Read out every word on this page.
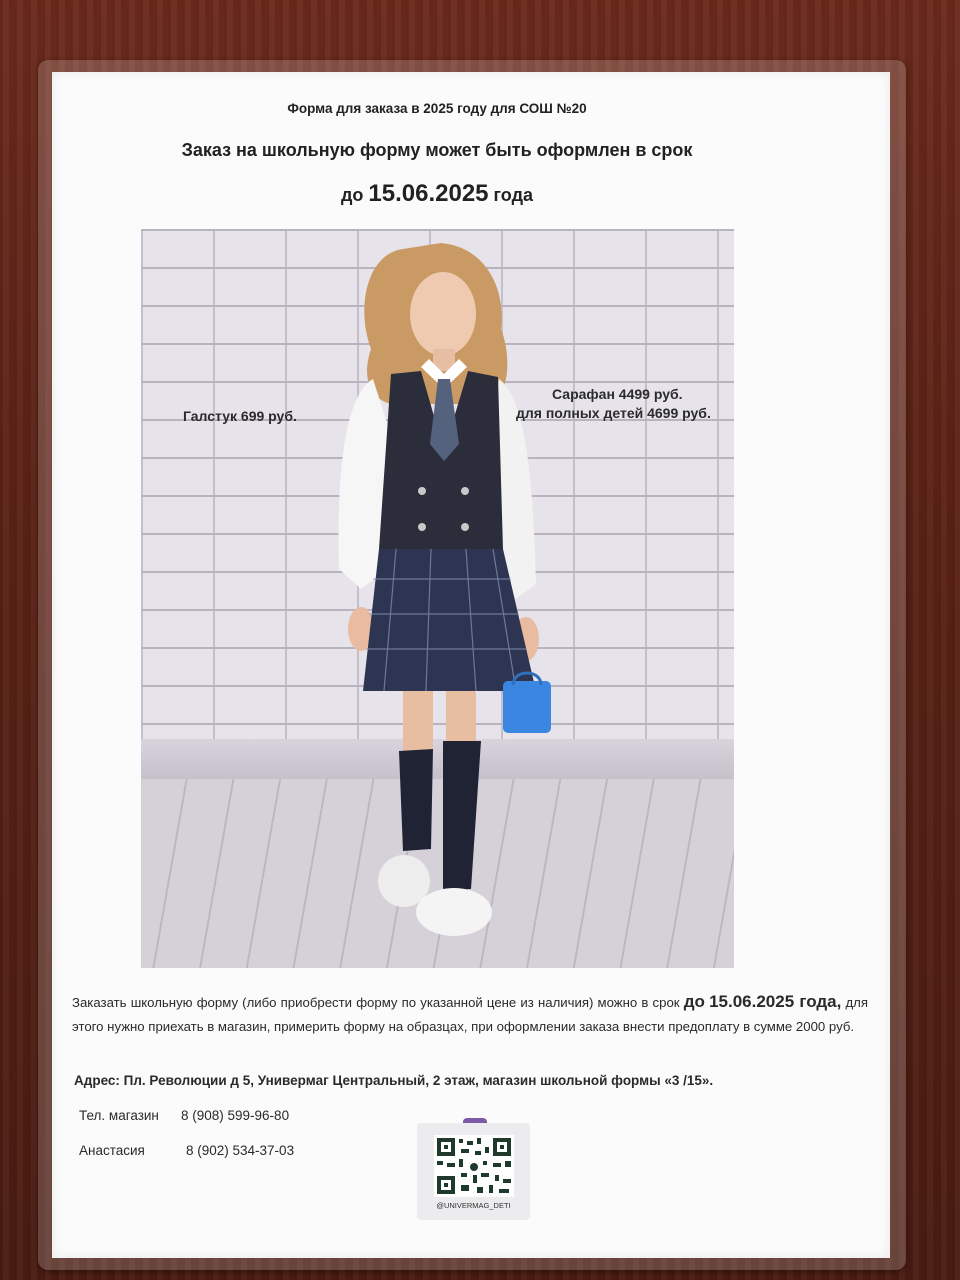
Форма для заказа в 2025 году для СОШ №20
Заказ на школьную форму может быть оформлен в срок
до 15.06.2025 года
Галстук 699 руб.
Сарафан 4499 руб.
для полных детей 4699 руб.
Заказать школьную форму (либо приобрести форму по указанной цене из наличия) можно в срок до 15.06.2025 года, для этого нужно приехать в магазин, примерить форму на образцах, при оформлении заказа внести предоплату в сумме 2000 руб.
Адрес: Пл. Революции д 5, Универмаг Центральный, 2 этаж, магазин школьной формы «3 /15».
Тел. магазин 8 (908) 599-96-80
Анастасия	8 (902) 534-37-03
@UNIVERMAG_DETI
